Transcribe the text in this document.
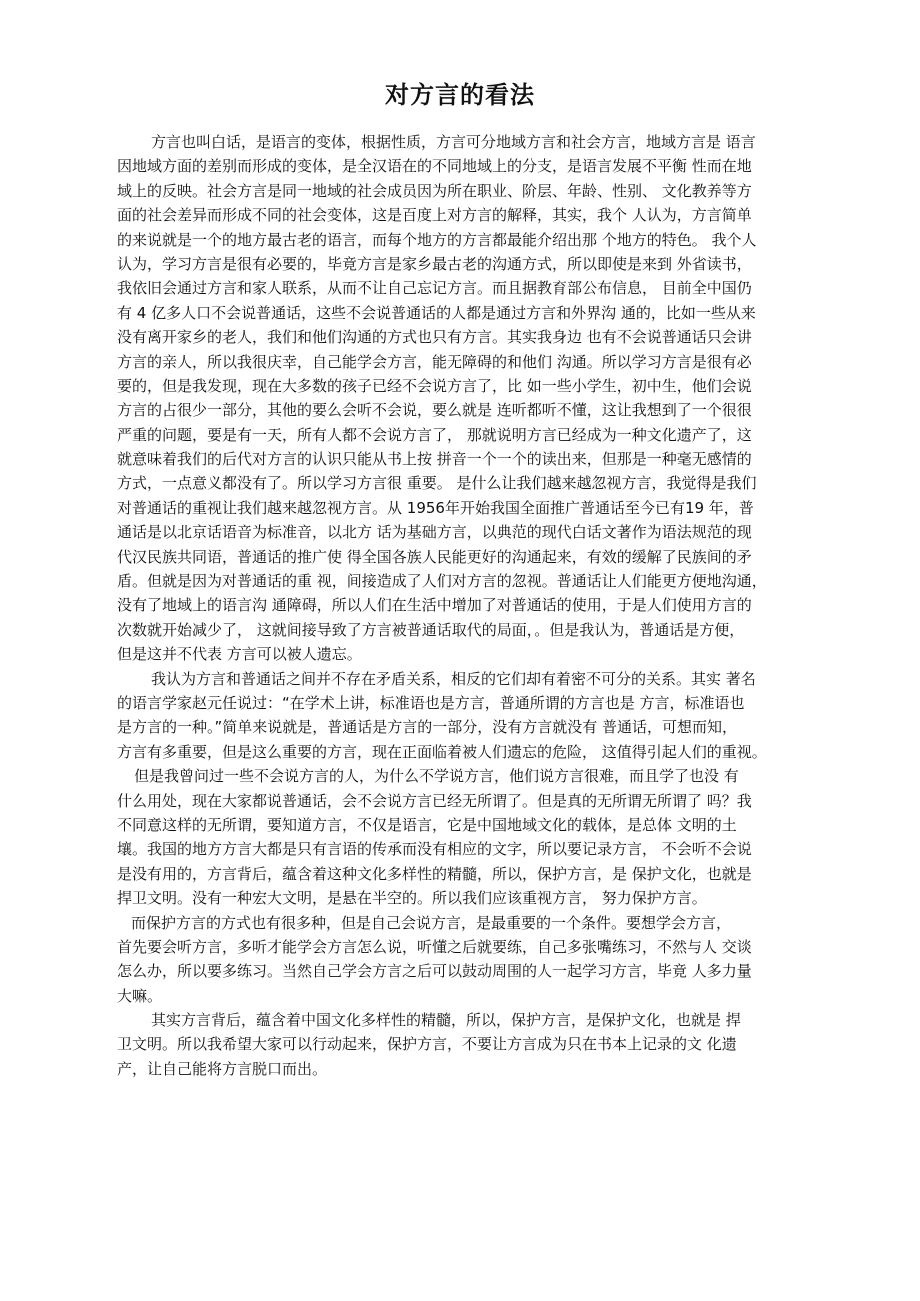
对方言的看法
方言也叫白话，是语言的变体，根据性质，方言可分地域方言和社会方言，地域方言是 语言
因地域方面的差别而形成的变体，是全汉语在的不同地域上的分支，是语言发展不平衡 性而在地
域上的反映。社会方言是同一地域的社会成员因为所在职业、阶层、年龄、性别、 文化教养等方
面的社会差异而形成不同的社会变体，这是百度上对方言的解释，其实，我个 人认为，方言简单
的来说就是一个的地方最古老的语言，而每个地方的方言都最能介绍出那 个地方的特色。 我个人
认为，学习方言是很有必要的，毕竟方言是家乡最古老的沟通方式，所以即使是来到 外省读书，
我依旧会通过方言和家人联系，从而不让自己忘记方言。而且据教育部公布信息， 目前全中国仍
有 4 亿多人口不会说普通话，这些不会说普通话的人都是通过方言和外界沟 通的，比如一些从来
没有离开家乡的老人，我们和他们沟通的方式也只有方言。其实我身边 也有不会说普通话只会讲
方言的亲人，所以我很庆幸，自己能学会方言，能无障碍的和他们 沟通。所以学习方言是很有必
要的，但是我发现，现在大多数的孩子已经不会说方言了，比 如一些小学生，初中生，他们会说
方言的占很少一部分，其他的要么会听不会说，要么就是 连听都听不懂，这让我想到了一个很很
严重的问题，要是有一天，所有人都不会说方言了， 那就说明方言已经成为一种文化遗产了，这
就意味着我们的后代对方言的认识只能从书上按 拼音一个一个的读出来，但那是一种毫无感情的
方式，一点意义都没有了。所以学习方言很 重要。 是什么让我们越来越忽视方言，我觉得是我们
对普通话的重视让我们越来越忽视方言。从 1956年开始我国全面推广普通话至今已有19 年，普
通话是以北京话语音为标准音，以北方 话为基础方言，以典范的现代白话文著作为语法规范的现
代汉民族共同语，普通话的推广使 得全国各族人民能更好的沟通起来，有效的缓解了民族间的矛
盾。但就是因为对普通话的重 视，间接造成了人们对方言的忽视。普通话让人们能更方便地沟通，
没有了地域上的语言沟 通障碍，所以人们在生活中增加了对普通话的使用，于是人们使用方言的
次数就开始减少了， 这就间接导致了方言被普通话取代的局面，。但是我认为，普通话是方便，
但是这并不代表 方言可以被人遗忘。
我认为方言和普通话之间并不存在矛盾关系，相反的它们却有着密不可分的关系。其实 著名
的语言学家赵元任说过：“在学术上讲，标准语也是方言，普通所谓的方言也是 方言，标准语也
是方言的一种。”简单来说就是，普通话是方言的一部分，没有方言就没有 普通话，可想而知，
方言有多重要，但是这么重要的方言，现在正面临着被人们遗忘的危险， 这值得引起人们的重视。
但是我曾问过一些不会说方言的人，为什么不学说方言，他们说方言很难，而且学了也没 有
什么用处，现在大家都说普通话，会不会说方言已经无所谓了。但是真的无所谓无所谓了 吗？我
不同意这样的无所谓，要知道方言，不仅是语言，它是中国地域文化的载体，是总体 文明的土
壤。我国的地方方言大都是只有言语的传承而没有相应的文字，所以要记录方言， 不会听不会说
是没有用的，方言背后，蕴含着这种文化多样性的精髓，所以，保护方言，是 保护文化，也就是
捍卫文明。没有一种宏大文明，是悬在半空的。所以我们应该重视方言， 努力保护方言。
而保护方言的方式也有很多种，但是自己会说方言，是最重要的一个条件。要想学会方言，
首先要会听方言，多听才能学会方言怎么说，听懂之后就要练，自己多张嘴练习，不然与人 交谈
怎么办，所以要多练习。当然自己学会方言之后可以鼓动周围的人一起学习方言，毕竟 人多力量
大嘛。
其实方言背后，蕴含着中国文化多样性的精髓，所以，保护方言，是保护文化，也就是 捍
卫文明。所以我希望大家可以行动起来，保护方言，不要让方言成为只在书本上记录的文 化遗
产，让自己能将方言脱口而出。
